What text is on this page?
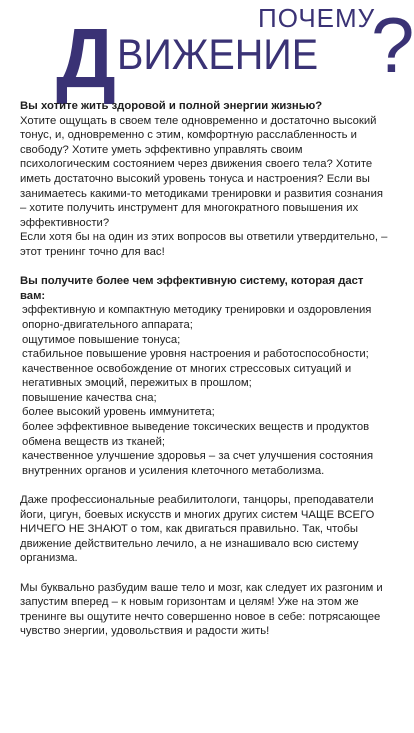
ПОЧЕМУ
Д ВИЖЕНИЕ ?

Вы хотите жить здоровой и полной энергии жизнью?

Хотите ощущать в своем теле одновременно и достаточно высокий тонус, и, одновременно с этим, комфортную расслабленность и свободу? Хотите уметь эффективно управлять своим психологическим состоянием через движения своего тела? Хотите иметь достаточно высокий уровень тонуса и настроения? Если вы занимаетесь какими-то методиками тренировки и развития сознания – хотите получить инструмент для многократного повышения их эффективности?

Если хотя бы на один из этих вопросов вы ответили утвердительно, – этот тренинг точно для вас!

Вы получите более чем эффективную систему, которая даст вам:

эффективную и компактную методику тренировки и оздоровления опорно-двигательного аппарата;

ощутимое повышение тонуса;

стабильное повышение уровня настроения и работоспособности;

качественное освобождение от многих стрессовых ситуаций и негативных эмоций, пережитых в прошлом;

повышение качества сна;

более высокий уровень иммунитета;

более эффективное выведение токсических веществ и продуктов обмена веществ из тканей;

качественное улучшение здоровья – за счет улучшения состояния внутренних органов и усиления клеточного метаболизма.

Даже профессиональные реабилитологи, танцоры, преподаватели йоги, цигун, боевых искусств и многих других систем ЧАЩЕ ВСЕГО НИЧЕГО НЕ ЗНАЮТ о том, как двигаться правильно. Так, чтобы движение действительно лечило, а не изнашивало всю систему организма.

Мы буквально разбудим ваше тело и мозг, как следует их разгоним и запустим вперед – к новым горизонтам и целям! Уже на этом же тренинге вы ощутите нечто совершенно новое в себе: потрясающее чувство энергии, удовольствия и радости жить!
